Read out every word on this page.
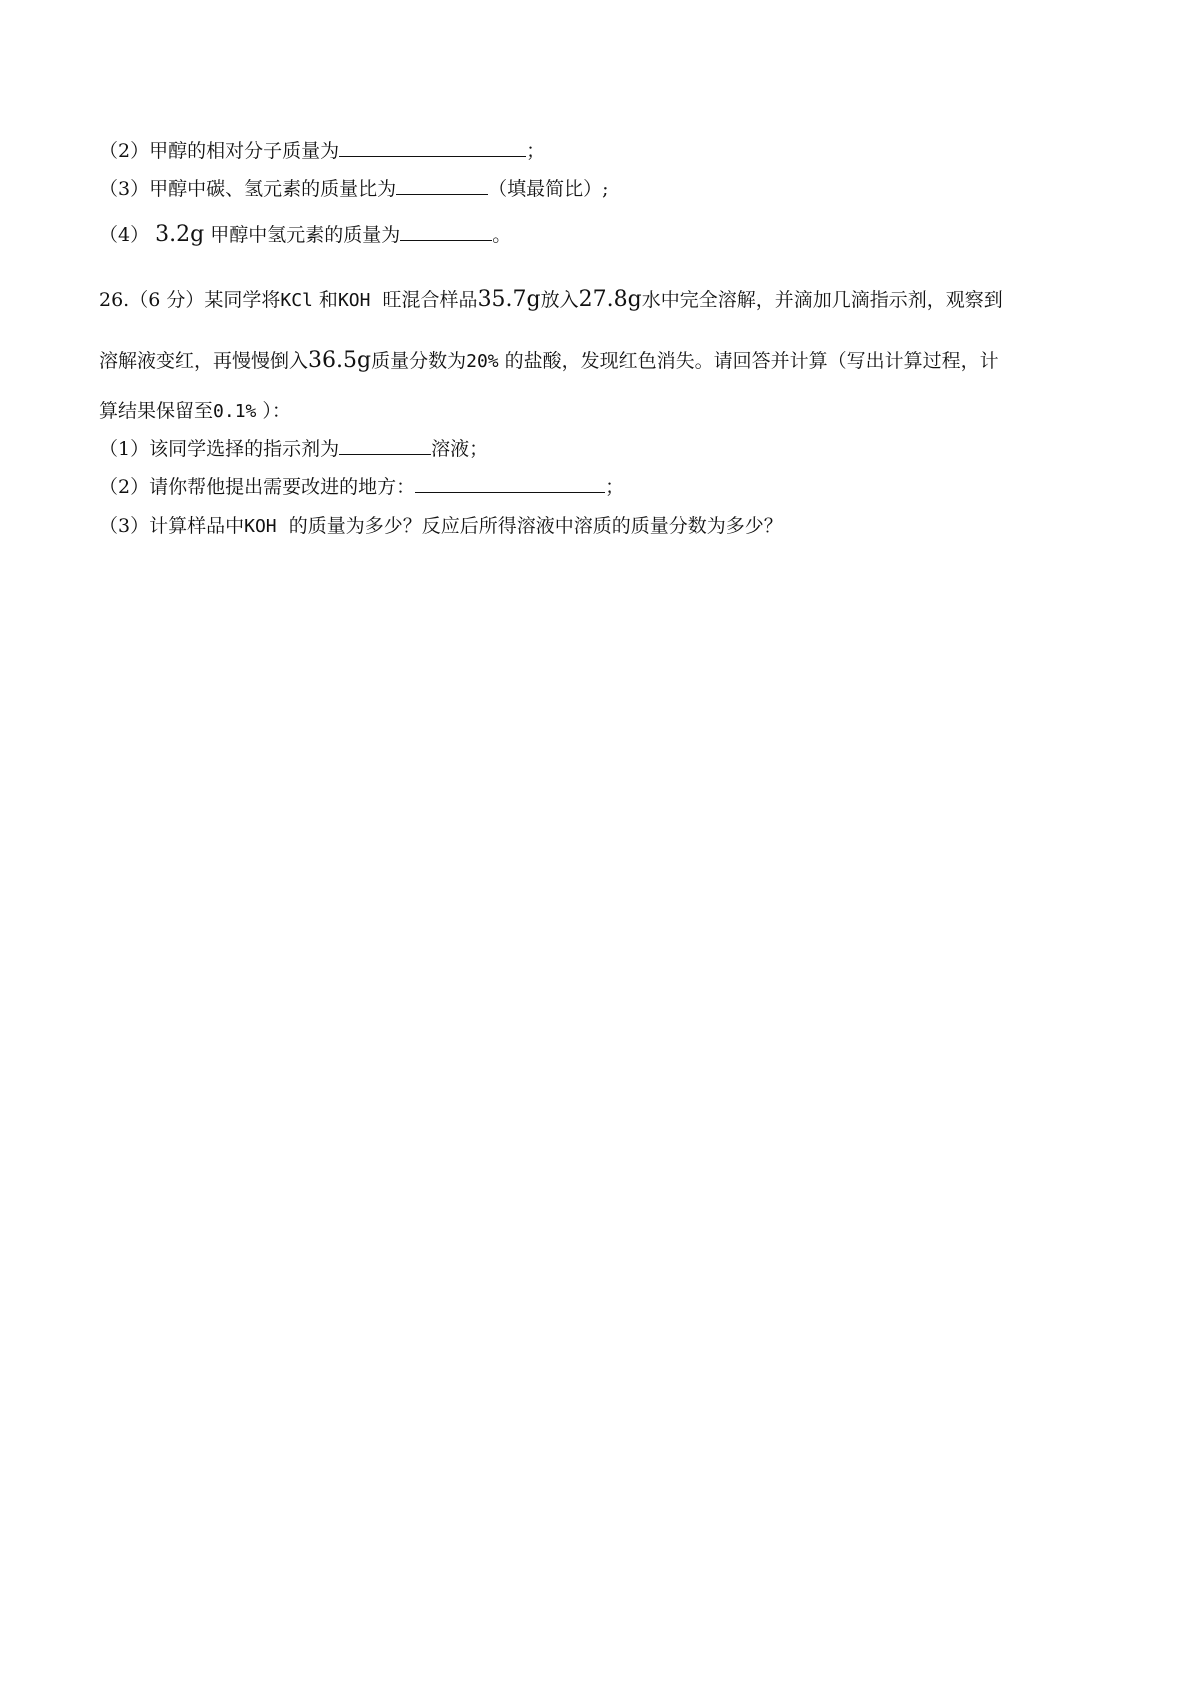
（2）甲醇的相对分子质量为	；
（3）甲醇中碳、氢元素的质量比为	（填最简比）;
（4） 3.2g 甲醇中氢元素的质量为	。
26.（6 分）某同学将KCl 和KOH 旺混合样品35.7g放入27.8g水中完全溶解，并滴加几滴指示剂，观察到
溶解液变红，再慢慢倒入36.5g质量分数为20% 的盐酸，发现红色消失。请回答并计算（写出计算过程，计
算结果保留至0.1% ）：
（1）该同学选择的指示剂为	溶液；
（2）请你帮他提出需要改进的地方：	；
（3）计算样品中KOH 的质量为多少？反应后所得溶液中溶质的质量分数为多少？
